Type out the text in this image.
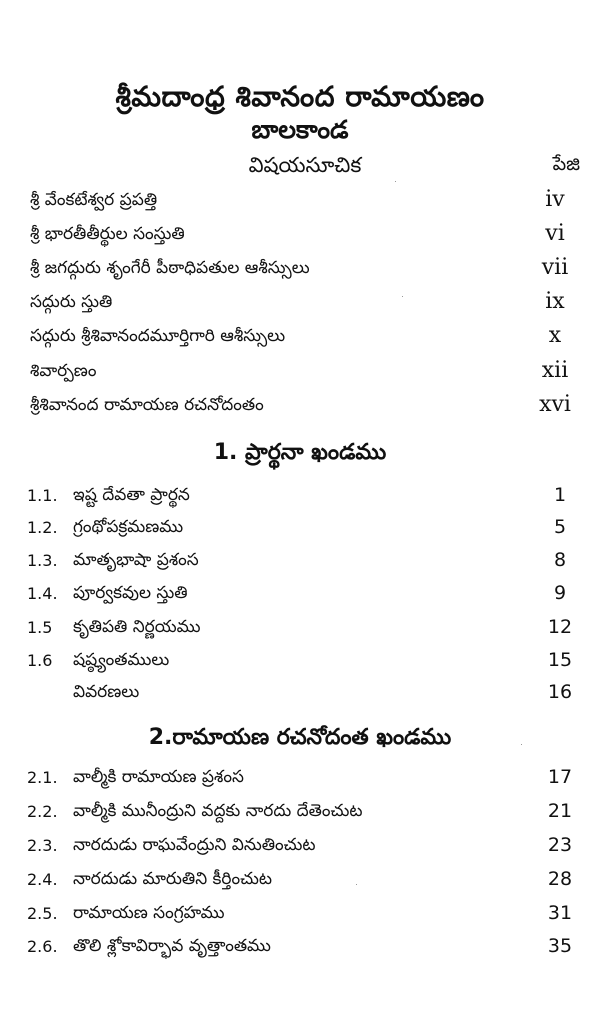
శ్రీమదాంధ్ర శివానంద రామాయణం
బాలకాండ
విషయసూచిక	పేజి
శ్రీ వేంకటేశ్వర ప్రపత్తి	iv
శ్రీ భారతీతీర్థుల సంస్తుతి	vi
శ్రీ జగద్గురు శృంగేరీ పీఠాధిపతుల ఆశీస్సులు	vii
సద్గురు స్తుతి	ix
సద్గురు శ్రీశివానందమూర్తిగారి ఆశీస్సులు	x
శివార్పణం	xii
శ్రీశివానంద రామాయణ రచనోదంతం	xvi
1. ప్రార్థనా ఖండము
1.1. ఇష్ట దేవతా ప్రార్థన	1
1.2. గ్రంథోపక్రమణము	5
1.3. మాతృభాషా ప్రశంస	8
1.4. పూర్వకవుల స్తుతి	9
1.5 కృతిపతి నిర్ణయము	12
1.6 షష్ఠ్యంతములు	15
వివరణలు	16
2.రామాయణ రచనోదంత ఖండము
2.1. వాల్మీకి రామాయణ ప్రశంస	17
2.2. వాల్మీకి మునీంద్రుని వద్దకు నారదు దేతెంచుట	21
2.3. నారదుడు రాఘవేంద్రుని వినుతించుట	23
2.4. నారదుడు మారుతిని కీర్తించుట	28
2.5. రామాయణ సంగ్రహము	31
2.6. తొలి శ్లోకావిర్భావ వృత్తాంతము	35
